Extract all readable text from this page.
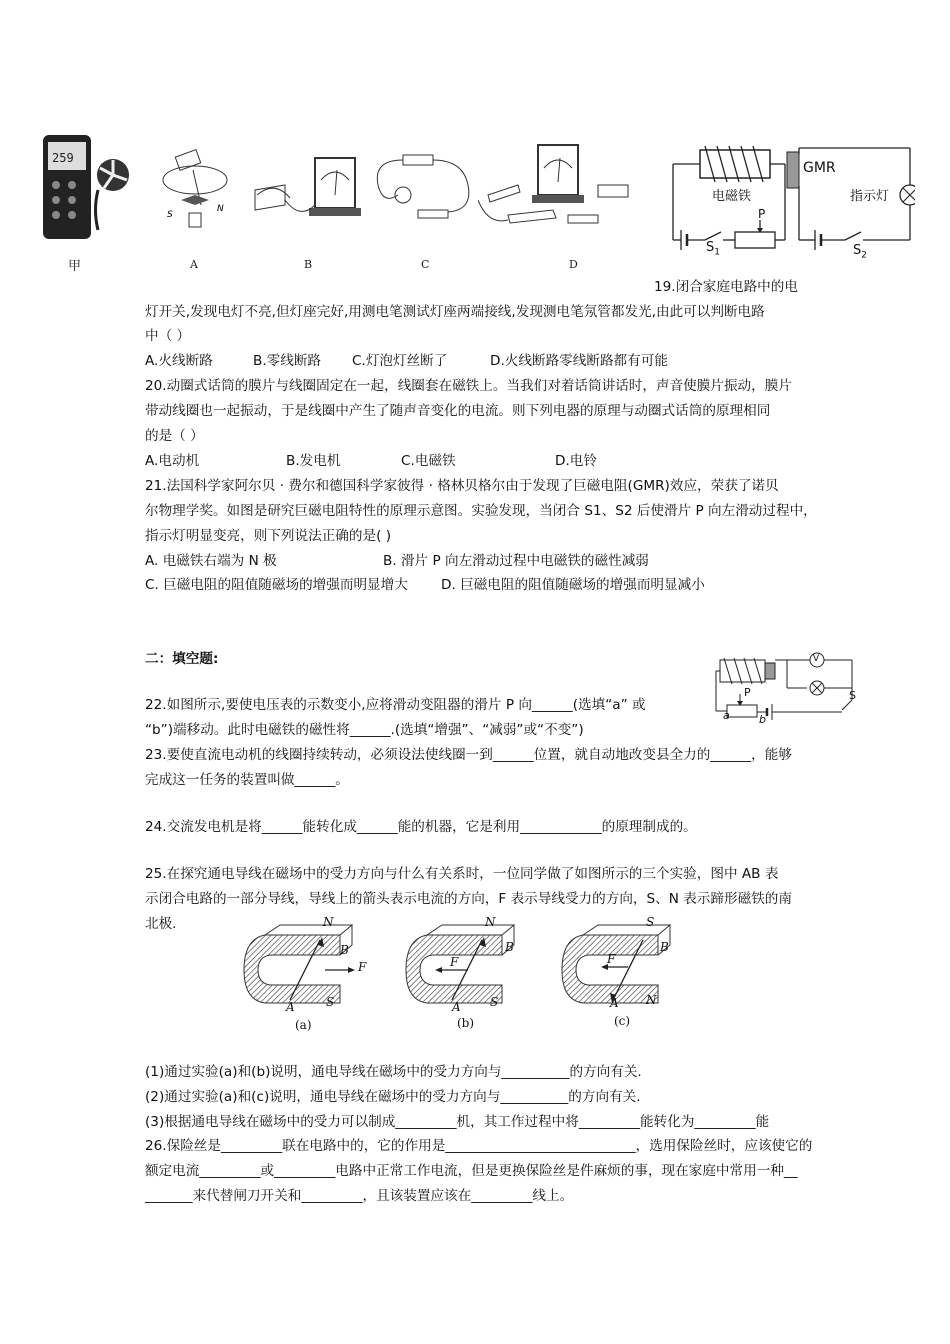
259
甲
S
N
A	B	C	D
电磁铁
GMR
指示灯
P
$S_1$	$S_2$
19.闭合家庭电路中的电
灯开关,发现电灯不亮,但灯座完好,用测电笔测试灯座两端接线,发现测电笔氖管都发光,由此可以判断电路
中（ ）
A.火线断路	B.零线断路 C.灯泡灯丝断了	D.火线断路零线断路都有可能
20.动圈式话筒的膜片与线圈固定在一起，线圈套在磁铁上。当我们对着话筒讲话时，声音使膜片振动，膜片
带动线圈也一起振动，于是线圈中产生了随声音变化的电流。则下列电器的原理与动圈式话筒的原理相同
的是（ ）
A.电动机	B.发电机	C.电磁铁	D.电铃
21.法国科学家阿尔贝 · 费尔和德国科学家彼得 · 格林贝格尔由于发现了巨磁电阻(GMR)效应，荣获了诺贝
尔物理学奖。如图是研究巨磁电阻特性的原理示意图。实验发现，当闭合 S1、S2 后使滑片 P 向左滑动过程中，
指示灯明显变亮，则下列说法正确的是( )
A. 电磁铁右端为 N 极	B. 滑片 P 向左滑动过程中电磁铁的磁性减弱
C. 巨磁电阻的阻值随磁场的增强而明显增大 D. 巨磁电阻的阻值随磁场的增强而明显减小
二：填空题:	V
P
a	b
S
22.如图所示,要使电压表的示数变小,应将滑动变阻器的滑片 P 向______(选填“a” 或
“b”)端移动。此时电磁铁的磁性将______.(选填“增强”、“减弱”或“不变”)
23.要使直流电动机的线圈持续转动，必须设法使线圈一到______位置，就自动地改变县全力的______，能够
完成这一任务的装置叫做______。
24.交流发电机是将______能转化成______能的机器，它是利用____________的原理制成的。
25.在探究通电导线在磁场中的受力方向与什么有关系时，一位同学做了如图所示的三个实验，图中 AB 表
示闭合电路的一部分导线，导线上的箭头表示电流的方向，F 表示导线受力的方向，S、N 表示蹄形磁铁的南
北极.	N
B
F
A	S
(a)
N
B
F
A S
(b)
S
B
F
A N
(c)
(1)通过实验(a)和(b)说明，通电导线在磁场中的受力方向与__________的方向有关.
(2)通过实验(a)和(c)说明，通电导线在磁场中的受力方向与__________的方向有关.
(3)根据通电导线在磁场中的受力可以制成_________机，其工作过程中将_________能转化为_________能
26.保险丝是_________联在电路中的，它的作用是____________________________，选用保险丝时，应该使它的
额定电流_________或_________电路中正常工作电流，但是更换保险丝是件麻烦的事，现在家庭中常用一种__
_______来代替闸刀开关和_________，且该装置应该在_________线上。
